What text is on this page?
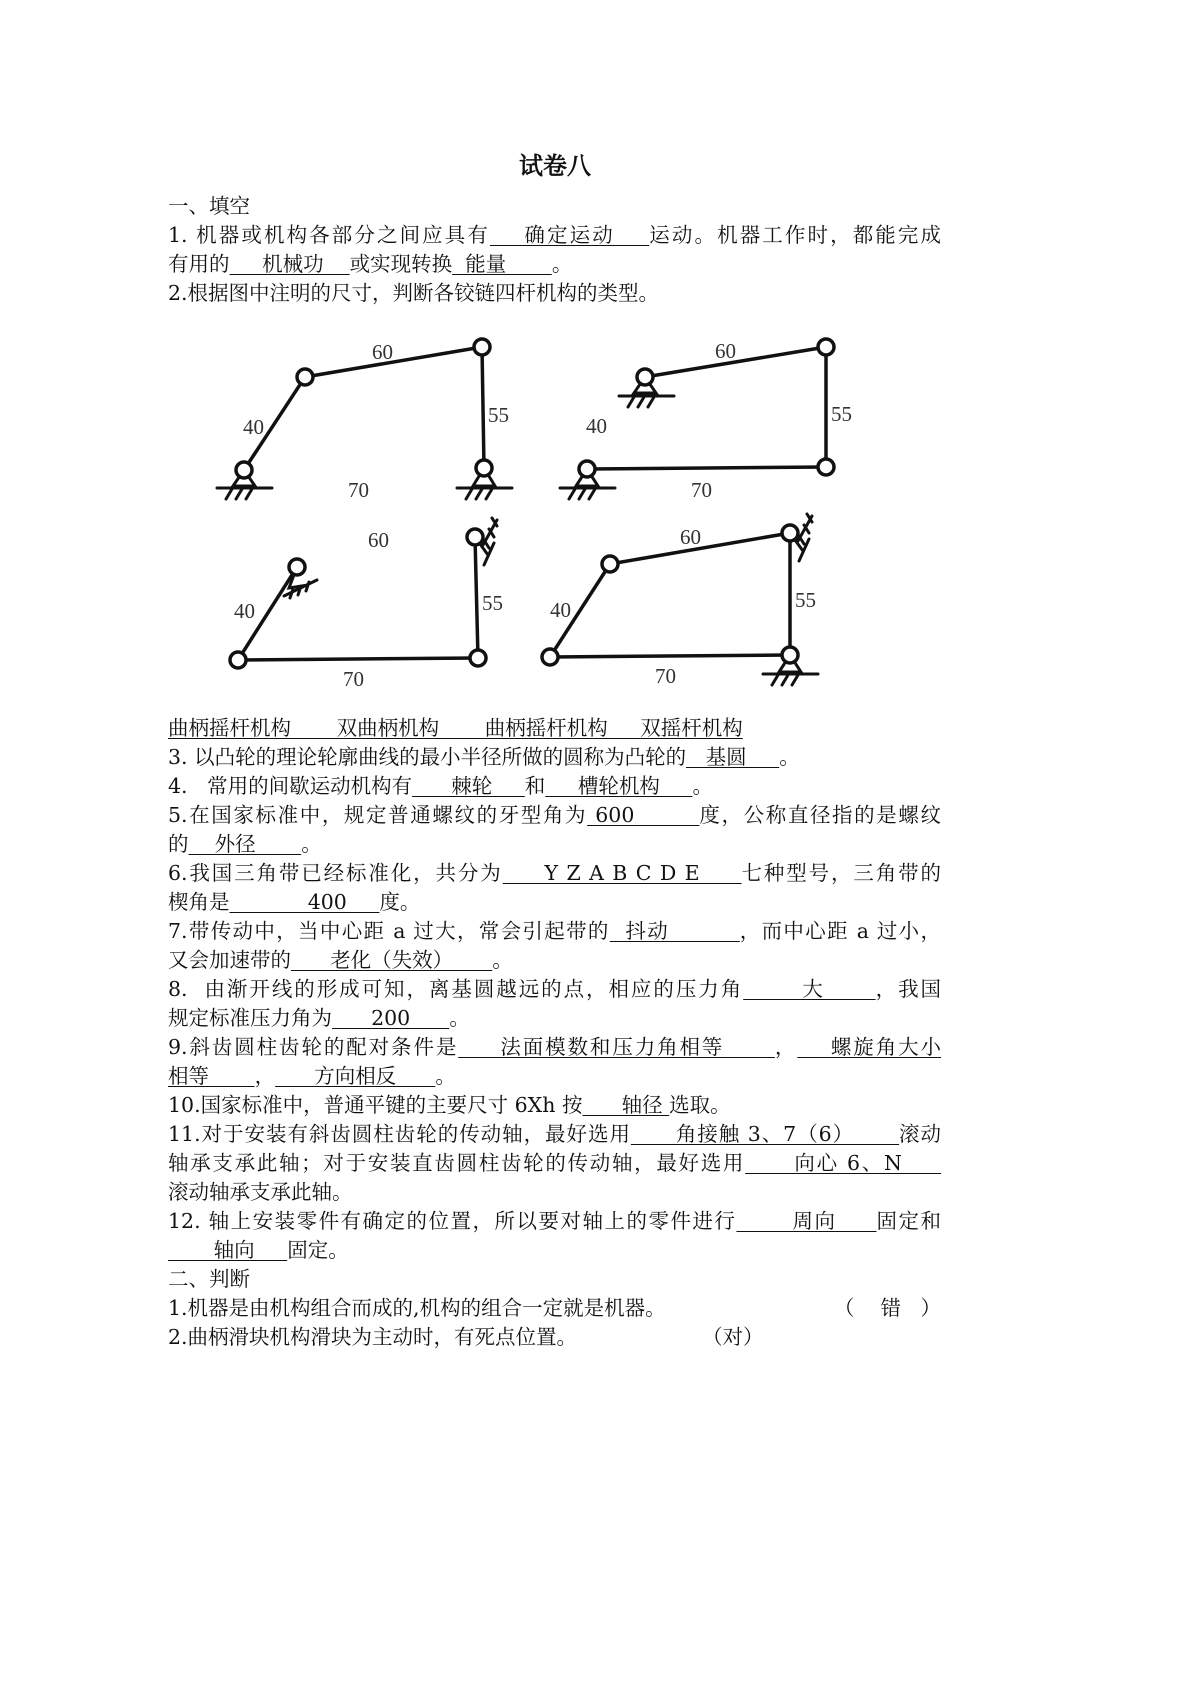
试卷八
一、填空
1. 机器或机构各部分之间应具有    确定运动    运动。机器工作时，都能完成
有用的     机械功    或实现转换  能量       。
2.根据图中注明的尺寸，判断各铰链四杆机构的类型。
60
40	55
70
60
40	55
70
60
40	55
70
60
40	55
70
曲柄摇杆机构       双曲柄机构       曲柄摇杆机构     双摇杆机构
3. 以凸轮的理论轮廓曲线的最小半径所做的圆称为凸轮的   基圆     。
4.   常用的间歇运动机构有      棘轮     和     槽轮机构     。
5.在国家标准中，规定普通螺纹的牙型角为 600        度，公称直径指的是螺纹
的    外径       。
6.我国三角带已经标准化，共分为     Y Z A B C D E     七种型号，三角带的
楔角是            400     度。
7.带传动中，当中心距 a 过大，常会引起带的  抖动         ，而中心距 a 过小，
又会加速带的      老化（失效）      。
8.  由渐开线的形成可知，离基圆越远的点，相应的压力角       大      ，我国
规定标准压力角为      200      。
9.斜齿圆柱齿轮的配对条件是     法面模数和压力角相等      ，    螺旋角大小
相等       ，      方向相反      。
10.国家标准中，普通平键的主要尺寸 6Xh 按      轴径 选取。
11.对于安装有斜齿圆柱齿轮的传动轴，最好选用      角接触 3、7（6）      滚动
轴承支承此轴；对于安装直齿圆柱齿轮的传动轴，最好选用      向心 6、N
滚动轴承支承此轴。
12. 轴上安装零件有确定的位置，所以要对轴上的零件进行       周向     固定和
轴向     固定。
二、判断
1.机器是由机构组合而成的,机构的组合一定就是机器。	（    错   ）
2.曲柄滑块机构滑块为主动时，有死点位置。	（对）
